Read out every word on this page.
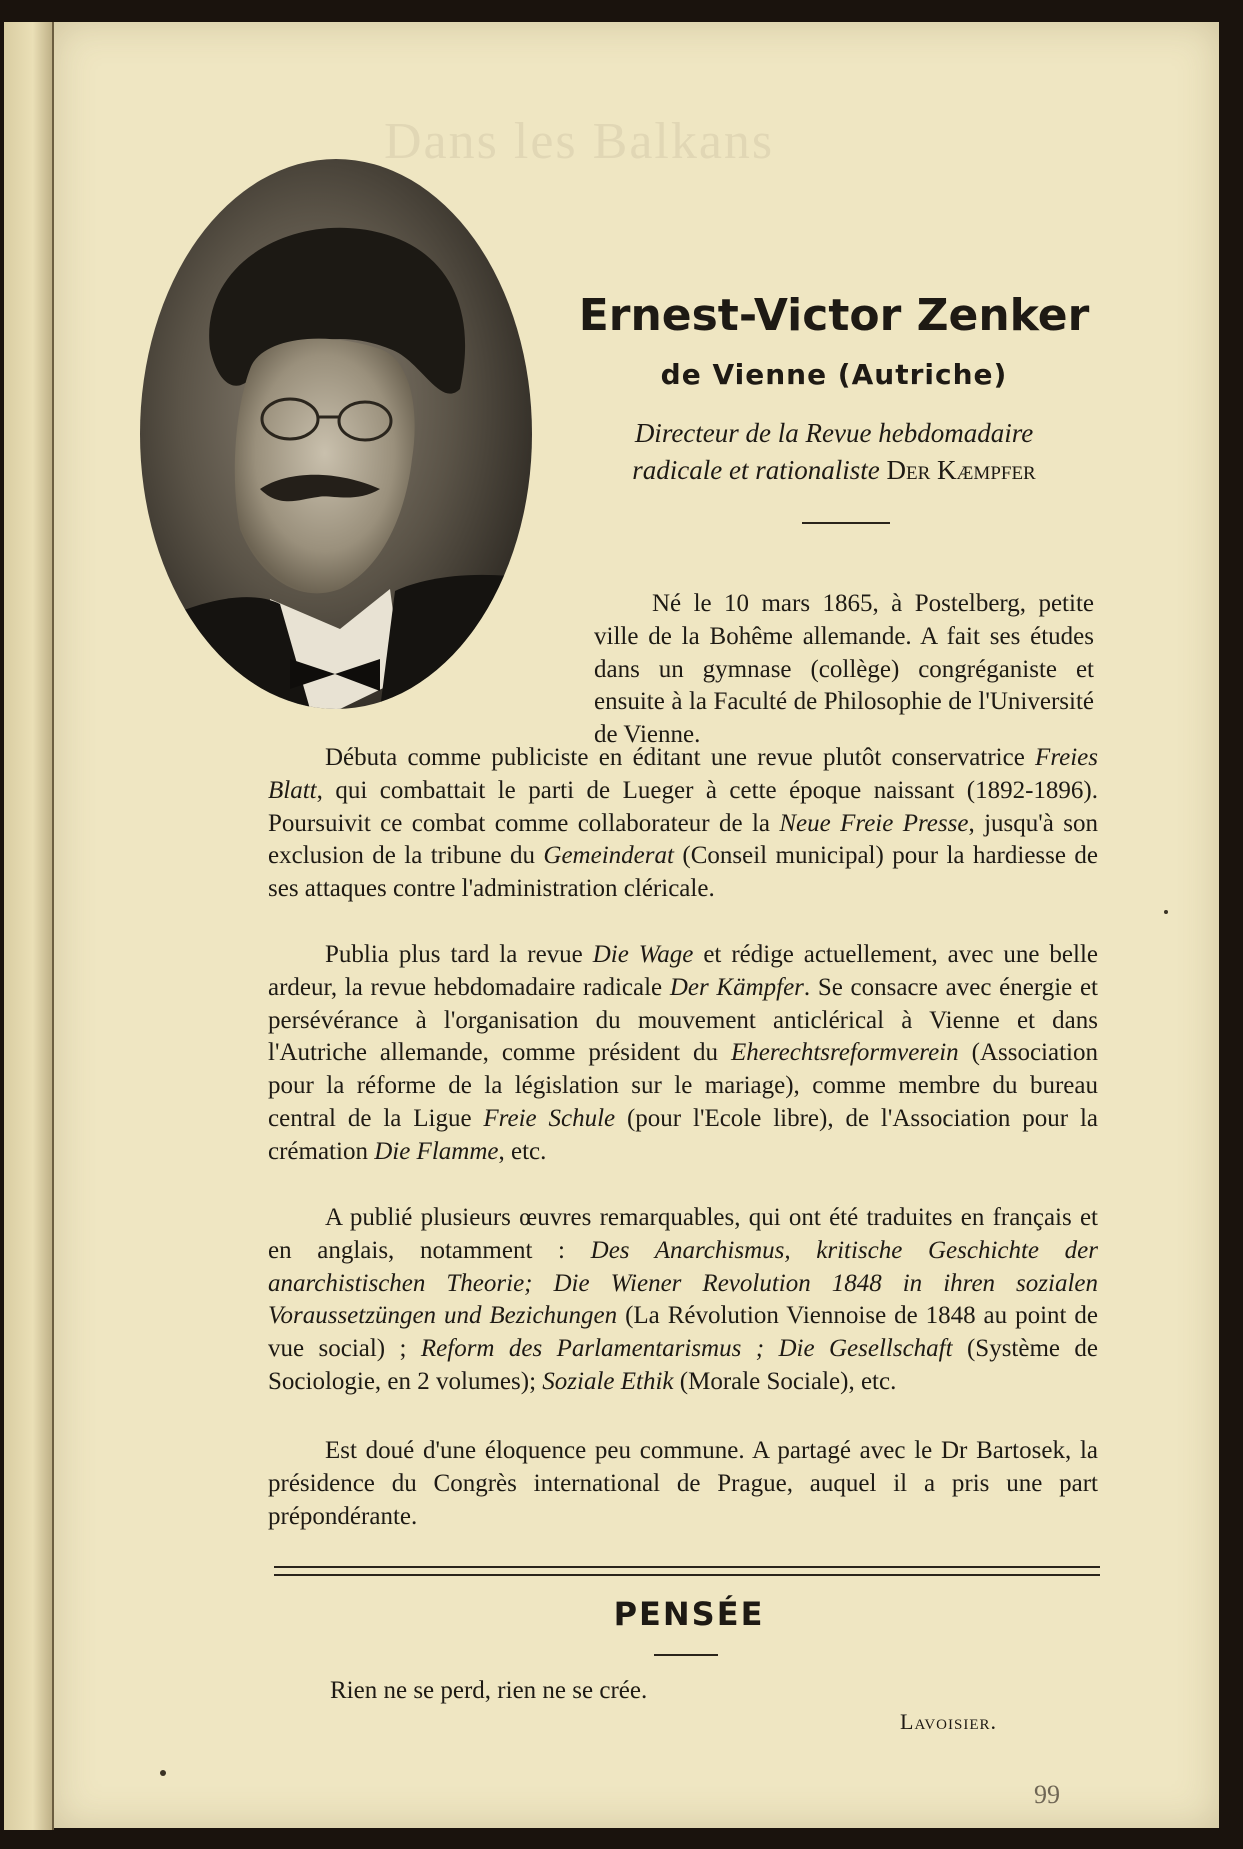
Dans les Balkans
Ernest-Victor Zenker
de Vienne (Autriche)
Directeur de la Revue hebdomadaire
radicale et rationaliste Der Kæmpfer

Né le 10 mars 1865, à Postelberg, petite ville de la Bohême allemande. A fait ses études dans un gymnase (collège) congréganiste et ensuite à la Faculté de Philosophie de l'Université de Vienne.

Débuta comme publiciste en éditant une revue plutôt conservatrice Freies Blatt, qui combattait le parti de Lueger à cette époque naissant (1892-1896). Poursuivit ce combat comme collaborateur de la Neue Freie Presse, jusqu'à son exclusion de la tribune du Gemeinderat (Conseil municipal) pour la hardiesse de ses attaques contre l'administration cléricale.

Publia plus tard la revue Die Wage et rédige actuellement, avec une belle ardeur, la revue hebdomadaire radicale Der Kämpfer. Se consacre avec énergie et persévérance à l'organisation du mouvement anticlérical à Vienne et dans l'Autriche allemande, comme président du Eherechtsreformverein (Association pour la réforme de la législation sur le mariage), comme membre du bureau central de la Ligue Freie Schule (pour l'Ecole libre), de l'Association pour la crémation Die Flamme, etc.

A publié plusieurs œuvres remarquables, qui ont été traduites en français et en anglais, notamment : Des Anarchismus, kritische Geschichte der anarchistischen Theorie; Die Wiener Revolution 1848 in ihren sozialen Voraussetzüngen und Bezichungen (La Révolution Viennoise de 1848 au point de vue social) ; Reform des Parlamentarismus ; Die Gesellschaft (Système de Sociologie, en 2 volumes); Soziale Ethik (Morale Sociale), etc.

Est doué d'une éloquence peu commune. A partagé avec le Dr Bartosek, la présidence du Congrès international de Prague, auquel il a pris une part prépondérante.

PENSÉE
Rien ne se perd, rien ne se crée.
Lavoisier.
99
